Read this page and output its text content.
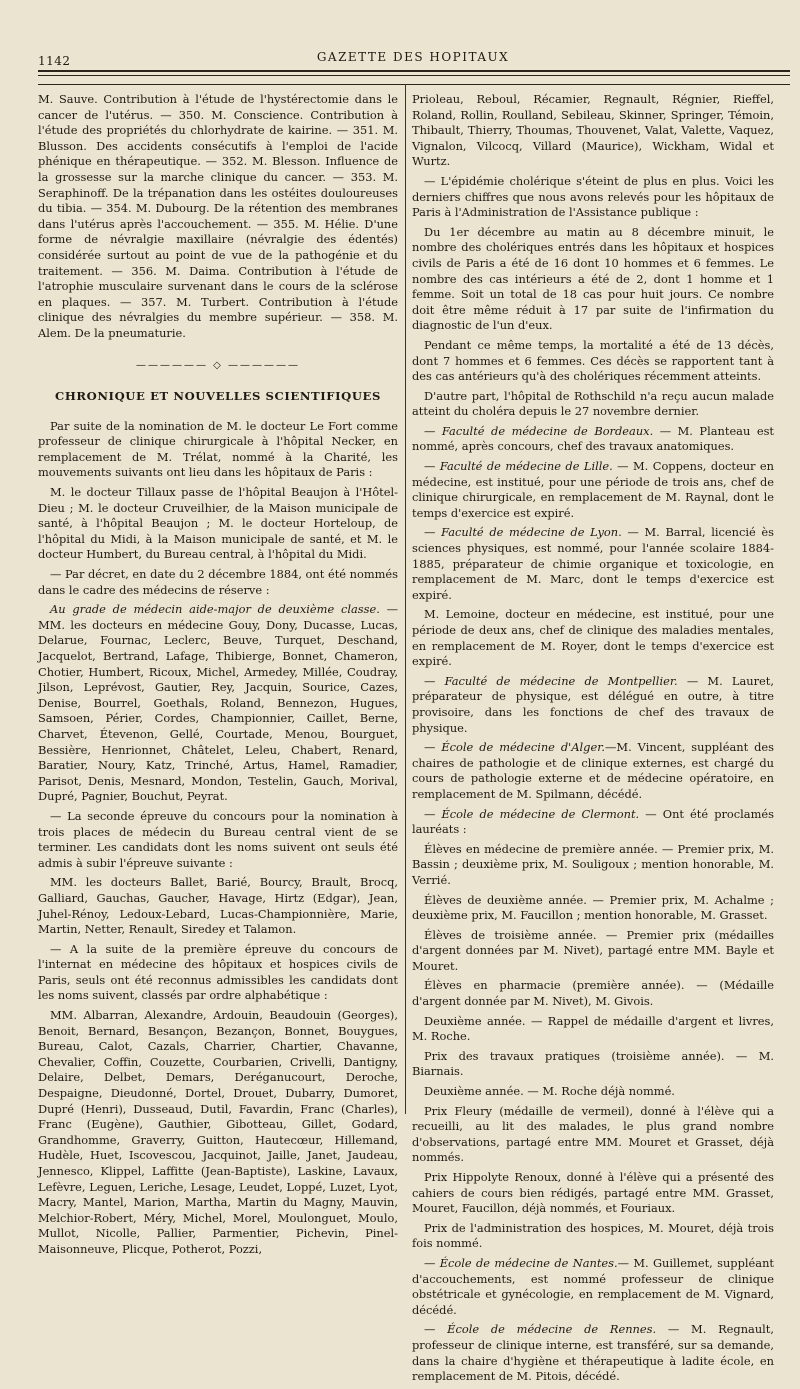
1142	GAZETTE DES HOPITAUX

M. Sauve. Contribution à l'étude de l'hystérectomie dans le cancer de l'utérus. — 350. M. Conscience. Contribution à l'étude des propriétés du chlorhydrate de kairine. — 351. M. Blusson. Des accidents consécutifs à l'emploi de l'acide phénique en thérapeutique. — 352. M. Blesson. Influence de la grossesse sur la marche clinique du cancer. — 353. M. Seraphinoff. De la trépanation dans les ostéites douloureuses du tibia. — 354. M. Dubourg. De la rétention des membranes dans l'utérus après l'accouchement. — 355. M. Hélie. D'une forme de névralgie maxillaire (névralgie des édentés) considérée surtout au point de vue de la pathogénie et du traitement. — 356. M. Daima. Contribution à l'étude de l'atrophie musculaire survenant dans le cours de la sclérose en plaques. — 357. M. Turbert. Contribution à l'étude clinique des névralgies du membre supérieur. — 358. M. Alem. De la pneumaturie.

—————— ◇ ——————
CHRONIQUE ET NOUVELLES SCIENTIFIQUES

Par suite de la nomination de M. le docteur Le Fort comme professeur de clinique chirurgicale à l'hôpital Necker, en remplacement de M. Trélat, nommé à la Charité, les mouvements suivants ont lieu dans les hôpitaux de Paris :

M. le docteur Tillaux passe de l'hôpital Beaujon à l'Hôtel-Dieu ; M. le docteur Cruveilhier, de la Maison municipale de santé, à l'hôpital Beaujon ; M. le docteur Horteloup, de l'hôpital du Midi, à la Maison municipale de santé, et M. le docteur Humbert, du Bureau central, à l'hôpital du Midi.

— Par décret, en date du 2 décembre 1884, ont été nommés dans le cadre des médecins de réserve :

Au grade de médecin aide-major de deuxième classe. — MM. les docteurs en médecine Gouy, Dony, Ducasse, Lucas, Delarue, Fournac, Leclerc, Beuve, Turquet, Deschand, Jacquelot, Bertrand, Lafage, Thibierge, Bonnet, Chameron, Chotier, Humbert, Ricoux, Michel, Armedey, Millée, Coudray, Jilson, Leprévost, Gautier, Rey, Jacquin, Sourice, Cazes, Denise, Bourrel, Goethals, Roland, Bennezon, Hugues, Samsoen, Périer, Cordes, Championnier, Caillet, Berne, Charvet, Étevenon, Gellé, Courtade, Menou, Bourguet, Bessière, Henrionnet, Châtelet, Leleu, Chabert, Renard, Baratier, Noury, Katz, Trinché, Artus, Hamel, Ramadier, Parisot, Denis, Mesnard, Mondon, Testelin, Gauch, Morival, Dupré, Pagnier, Bouchut, Peyrat.

— La seconde épreuve du concours pour la nomination à trois places de médecin du Bureau central vient de se terminer. Les candidats dont les noms suivent ont seuls été admis à subir l'épreuve suivante :

MM. les docteurs Ballet, Barié, Bourcy, Brault, Brocq, Galliard, Gauchas, Gaucher, Havage, Hirtz (Edgar), Jean, Juhel-Rénoy, Ledoux-Lebard, Lucas-Championnière, Marie, Martin, Netter, Renault, Siredey et Talamon.

— A la suite de la première épreuve du concours de l'internat en médecine des hôpitaux et hospices civils de Paris, seuls ont été reconnus admissibles les candidats dont les noms suivent, classés par ordre alphabétique :

MM. Albarran, Alexandre, Ardouin, Beaudouin (Georges), Benoit, Bernard, Besançon, Bezançon, Bonnet, Bouygues, Bureau, Calot, Cazals, Charrier, Chartier, Chavanne, Chevalier, Coffin, Couzette, Courbarien, Crivelli, Dantigny, Delaire, Delbet, Demars, Deréganucourt, Deroche, Despaigne, Dieudonné, Dortel, Drouet, Dubarry, Dumoret, Dupré (Henri), Dusseaud, Dutil, Favardin, Franc (Charles), Franc (Eugène), Gauthier, Gibotteau, Gillet, Godard, Grandhomme, Graverry, Guitton, Hautecœur, Hillemand, Hudèle, Huet, Iscovescou, Jacquinot, Jaille, Janet, Jaudeau, Jennesco, Klippel, Laffitte (Jean-Baptiste), Laskine, Lavaux, Lefèvre, Leguen, Leriche, Lesage, Leudet, Loppé, Luzet, Lyot, Macry, Mantel, Marion, Martha, Martin du Magny, Mauvin, Melchior-Robert, Méry, Michel, Morel, Moulonguet, Moulo, Mullot, Nicolle, Pallier, Parmentier, Pichevin, Pinel-Maisonneuve, Plicque, Potherot, Pozzi,

Prioleau, Reboul, Récamier, Regnault, Régnier, Rieffel, Roland, Rollin, Roulland, Sebileau, Skinner, Springer, Témoin, Thibault, Thierry, Thoumas, Thouvenet, Valat, Valette, Vaquez, Vignalon, Vilcocq, Villard (Maurice), Wickham, Widal et Wurtz.

— L'épidémie cholérique s'éteint de plus en plus. Voici les derniers chiffres que nous avons relevés pour les hôpitaux de Paris à l'Administration de l'Assistance publique :

Du 1er décembre au matin au 8 décembre minuit, le nombre des cholériques entrés dans les hôpitaux et hospices civils de Paris a été de 16 dont 10 hommes et 6 femmes. Le nombre des cas intérieurs a été de 2, dont 1 homme et 1 femme. Soit un total de 18 cas pour huit jours. Ce nombre doit être même réduit à 17 par suite de l'infirmation du diagnostic de l'un d'eux.

Pendant ce même temps, la mortalité a été de 13 décès, dont 7 hommes et 6 femmes. Ces décès se rapportent tant à des cas antérieurs qu'à des cholériques récemment atteints.

D'autre part, l'hôpital de Rothschild n'a reçu aucun malade atteint du choléra depuis le 27 novembre dernier.

— Faculté de médecine de Bordeaux. — M. Planteau est nommé, après concours, chef des travaux anatomiques.

— Faculté de médecine de Lille. — M. Coppens, docteur en médecine, est institué, pour une période de trois ans, chef de clinique chirurgicale, en remplacement de M. Raynal, dont le temps d'exercice est expiré.

— Faculté de médecine de Lyon. — M. Barral, licencié ès sciences physiques, est nommé, pour l'année scolaire 1884-1885, préparateur de chimie organique et toxicologie, en remplacement de M. Marc, dont le temps d'exercice est expiré.

M. Lemoine, docteur en médecine, est institué, pour une période de deux ans, chef de clinique des maladies mentales, en remplacement de M. Royer, dont le temps d'exercice est expiré.

— Faculté de médecine de Montpellier. — M. Lauret, préparateur de physique, est délégué en outre, à titre provisoire, dans les fonctions de chef des travaux de physique.

— École de médecine d'Alger.—M. Vincent, suppléant des chaires de pathologie et de clinique externes, est chargé du cours de pathologie externe et de médecine opératoire, en remplacement de M. Spilmann, décédé.

— École de médecine de Clermont. — Ont été proclamés lauréats :

Élèves en médecine de première année. — Premier prix, M. Bassin ; deuxième prix, M. Souligoux ; mention honorable, M. Verrié.

Élèves de deuxième année. — Premier prix, M. Achalme ; deuxième prix, M. Faucillon ; mention honorable, M. Grasset.

Élèves de troisième année. — Premier prix (médailles d'argent données par M. Nivet), partagé entre MM. Bayle et Mouret.

Élèves en pharmacie (première année). — (Médaille d'argent donnée par M. Nivet), M. Givois.

Deuxième année. — Rappel de médaille d'argent et livres, M. Roche.

Prix des travaux pratiques (troisième année). — M. Biarnais.

Deuxième année. — M. Roche déjà nommé.

Prix Fleury (médaille de vermeil), donné à l'élève qui a recueilli, au lit des malades, le plus grand nombre d'observations, partagé entre MM. Mouret et Grasset, déjà nommés.

Prix Hippolyte Renoux, donné à l'élève qui a présenté des cahiers de cours bien rédigés, partagé entre MM. Grasset, Mouret, Faucillon, déjà nommés, et Fouriaux.

Prix de l'administration des hospices, M. Mouret, déjà trois fois nommé.

— École de médecine de Nantes.— M. Guillemet, suppléant d'accouchements, est nommé professeur de clinique obstétricale et gynécologie, en remplacement de M. Vignard, décédé.

— École de médecine de Rennes. — M. Regnault, professeur de clinique interne, est transféré, sur sa demande, dans la chaire d'hygiène et thérapeutique à ladite école, en remplacement de M. Pitois, décédé.
